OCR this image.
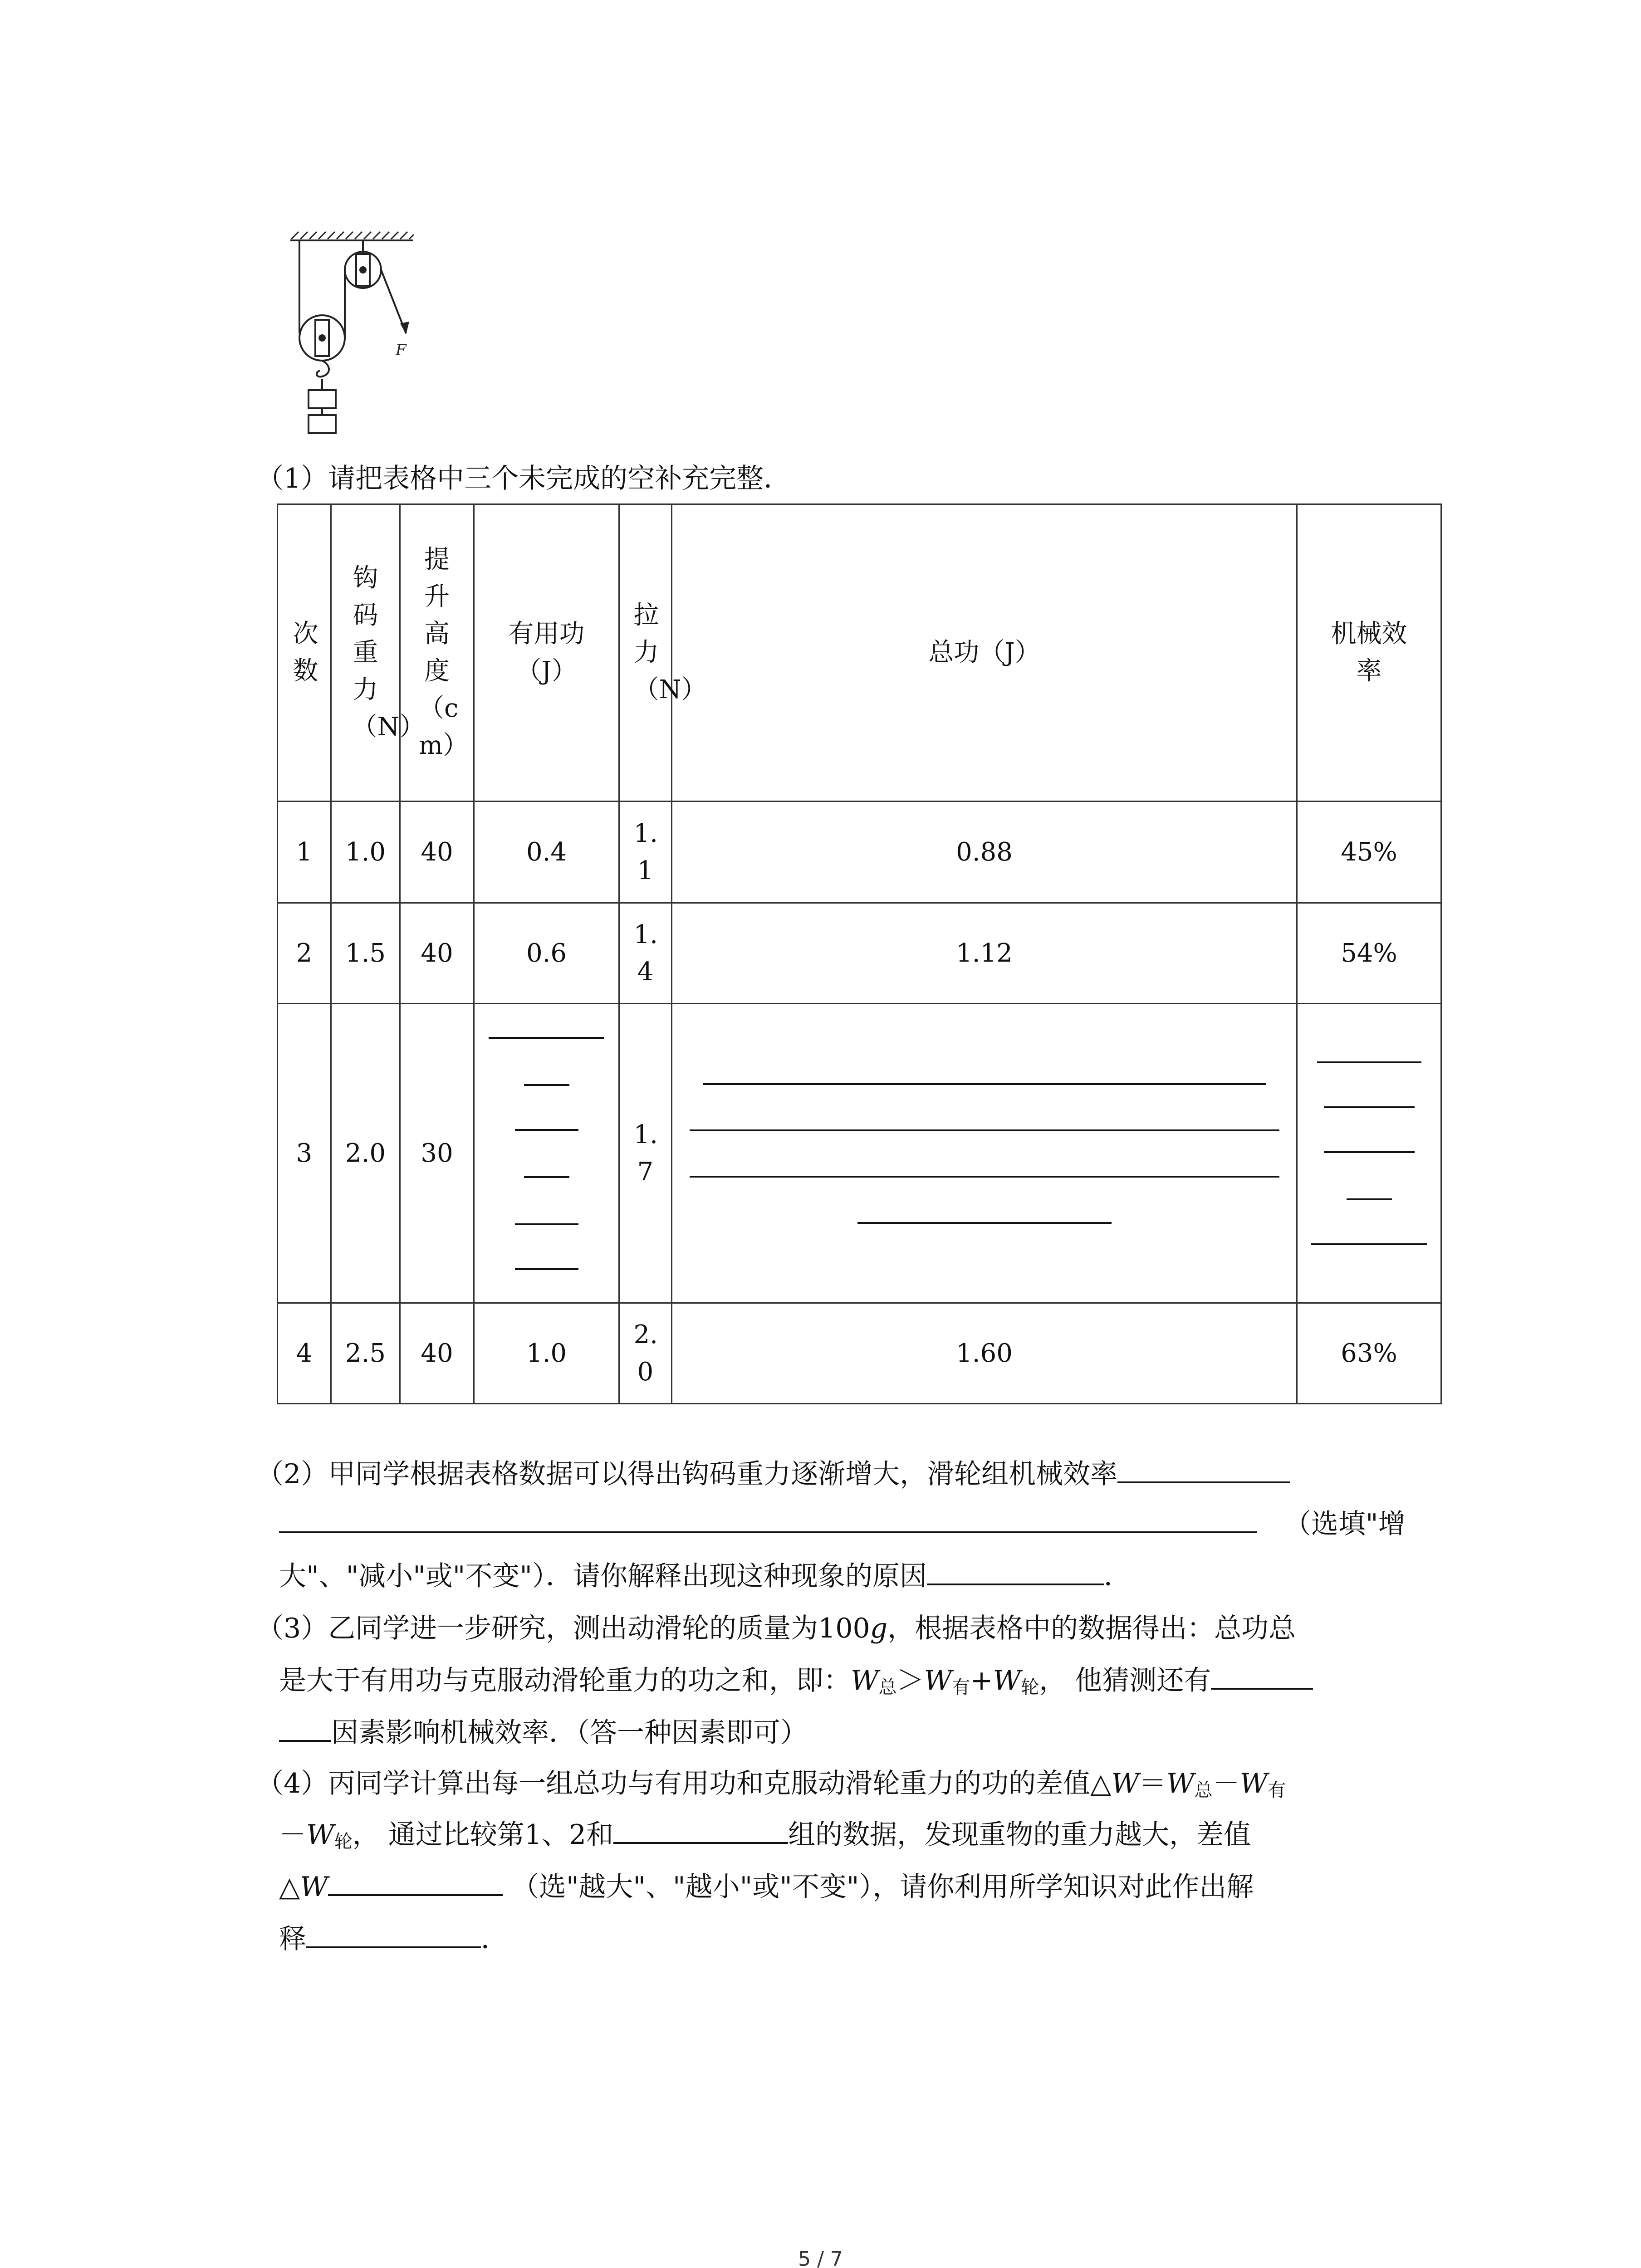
F
（1）请把表格中三个未完成的空补充完整．
次数	钩码重力（N）	提升高度（cm）	有用功（J）	拉力（N）	总功（J）	机械效率
1	1.0	40	0.4	1.1	0.88	45%
2	1.5	40	0.6	1.4	1.12	54%
3	2.0	30		1.7	

4	2.5	40	1.0	2.0	1.60	63%
（2）甲同学根据表格数据可以得出钩码重力逐渐增大，滑轮组机械效率
（选填"增
大"、"减小"或"不变"）．请你解释出现这种现象的原因	．
（3）乙同学进一步研究，测出动滑轮的质量为100g，根据表格中的数据得出：总功总
是大于有用功与克服动滑轮重力的功之和，即：$W_总>W_有+W_轮$， 他猜测还有
因素影响机械效率．（答一种因素即可）
（4）丙同学计算出每一组总功与有用功和克服动滑轮重力的功的差值$\triangle W=W_总-W_有$
$-W_轮$， 通过比较第1、2和	组的数据，发现重物的重力越大，差值
△W	（选"越大"、"越小"或"不变"），请你利用所学知识对此作出解
释	．
5 / 7
